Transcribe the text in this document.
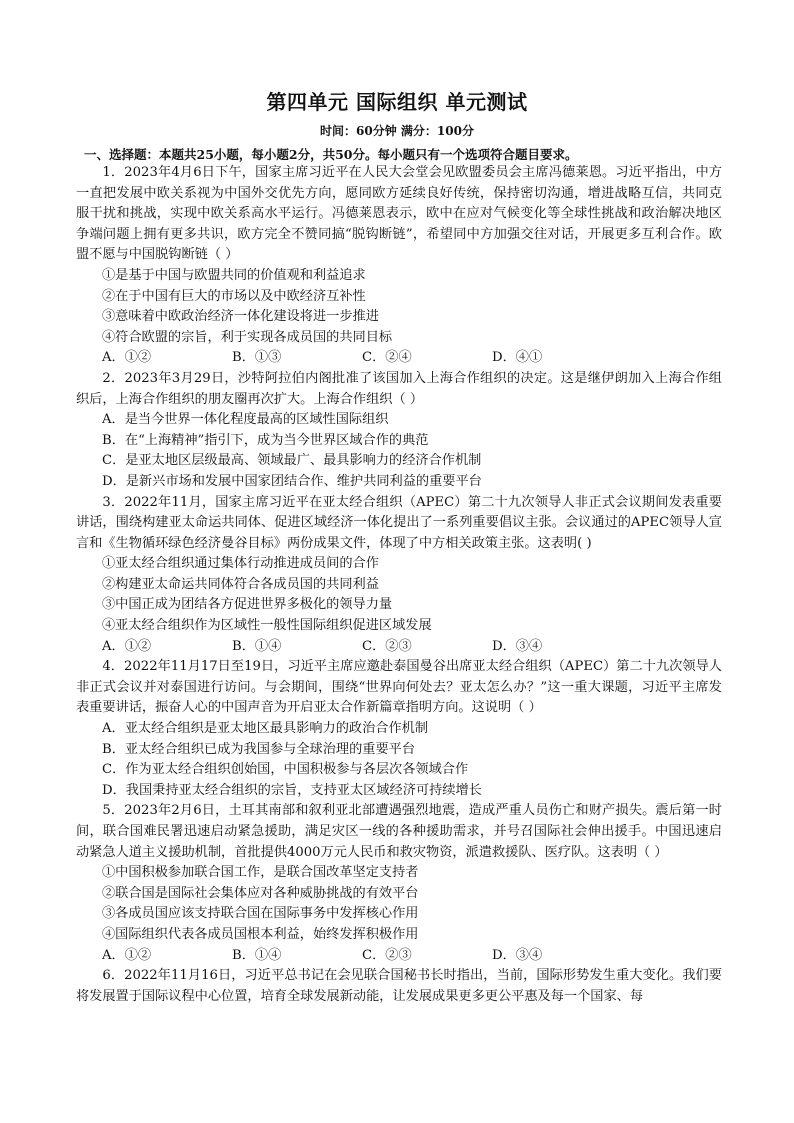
第四单元 国际组织 单元测试
时间：60分钟 满分：100分
一、选择题：本题共25小题，每小题2分，共50分。每小题只有一个选项符合题目要求。

1．2023年4月6日下午，国家主席习近平在人民大会堂会见欧盟委员会主席冯德莱恩。习近平指出，中方一直把发展中欧关系视为中国外交优先方向，愿同欧方延续良好传统，保持密切沟通，增进战略互信，共同克服干扰和挑战，实现中欧关系高水平运行。冯德莱恩表示，欧中在应对气候变化等全球性挑战和政治解决地区争端问题上拥有更多共识，欧方完全不赞同搞“脱钩断链”，希望同中方加强交往对话，开展更多互利合作。欧盟不愿与中国脱钩断链（ ）

①是基于中国与欧盟共同的价值观和利益追求

②在于中国有巨大的市场以及中欧经济互补性

③意味着中欧政治经济一体化建设将进一步推进

④符合欧盟的宗旨，利于实现各成员国的共同目标

A．①②	B．①③	C．②④	D．④①

2．2023年3月29日，沙特阿拉伯内阁批准了该国加入上海合作组织的决定。这是继伊朗加入上海合作组织后，上海合作组织的朋友圈再次扩大。上海合作组织（ ）

A．是当今世界一体化程度最高的区域性国际组织

B．在“上海精神”指引下，成为当今世界区域合作的典范

C．是亚太地区层级最高、领域最广、最具影响力的经济合作机制

D．是新兴市场和发展中国家团结合作、维护共同利益的重要平台

3．2022年11月，国家主席习近平在亚太经合组织（APEC）第二十九次领导人非正式会议期间发表重要讲话，围绕构建亚太命运共同体、促进区域经济一体化提出了一系列重要倡议主张。会议通过的APEC领导人宣言和《生物循环绿色经济曼谷目标》两份成果文件，体现了中方相关政策主张。这表明( )

①亚太经合组织通过集体行动推进成员间的合作

②构建亚太命运共同体符合各成员国的共同利益

③中国正成为团结各方促进世界多极化的领导力量

④亚太经合组织作为区域性一般性国际组织促进区域发展

A．①②	B．①④	C．②③	D．③④

4．2022年11月17日至19日，习近平主席应邀赴泰国曼谷出席亚太经合组织（APEC）第二十九次领导人非正式会议并对泰国进行访问。与会期间，围绕“世界向何处去？亚太怎么办？”这一重大课题，习近平主席发表重要讲话，振奋人心的中国声音为开启亚太合作新篇章指明方向。这说明（ ）

A．亚太经合组织是亚太地区最具影响力的政治合作机制

B．亚太经合组织已成为我国参与全球治理的重要平台

C．作为亚太经合组织创始国，中国积极参与各层次各领域合作

D．我国秉持亚太经合组织的宗旨，支持亚太区域经济可持续增长

5．2023年2月6日，土耳其南部和叙利亚北部遭遇强烈地震，造成严重人员伤亡和财产损失。震后第一时间，联合国难民署迅速启动紧急援助，满足灾区一线的各种援助需求，并号召国际社会伸出援手。中国迅速启动紧急人道主义援助机制，首批提供4000万元人民币和救灾物资，派遣救援队、医疗队。这表明（ ）

①中国积极参加联合国工作，是联合国改革坚定支持者

②联合国是国际社会集体应对各种威胁挑战的有效平台

③各成员国应该支持联合国在国际事务中发挥核心作用

④国际组织代表各成员国根本利益，始终发挥积极作用

A．①②	B．①④	C．②③	D．③④

6．2022年11月16日，习近平总书记在会见联合国秘书长时指出，当前，国际形势发生重大变化。我们要将发展置于国际议程中心位置，培育全球发展新动能，让发展成果更多更公平惠及每一个国家、每
